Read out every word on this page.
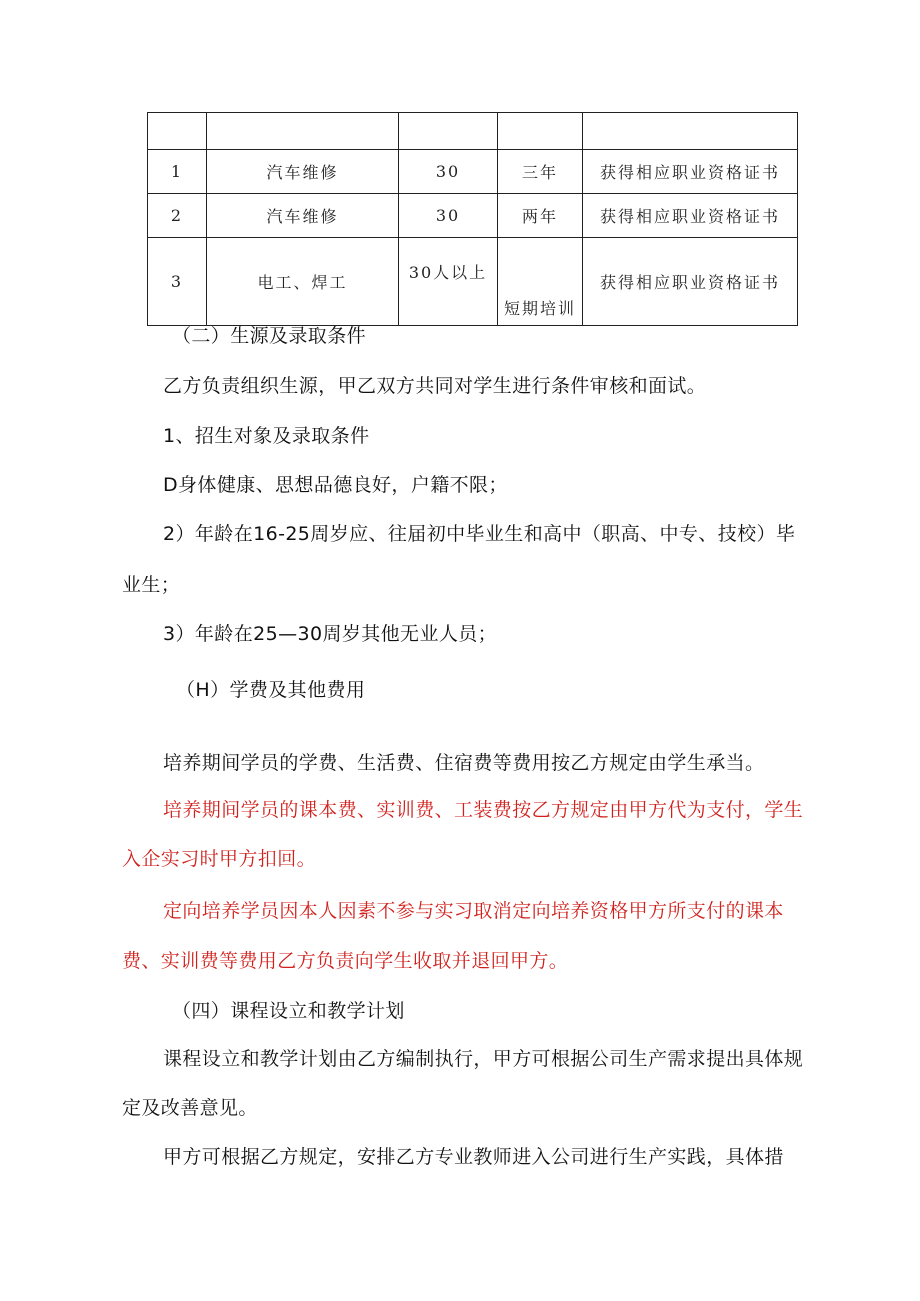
1	汽车维修	30	三年	获得相应职业资格证书
2	汽车维修	30	两年	获得相应职业资格证书
3	电工、焊工	30人以上	短期培训	获得相应职业资格证书

（二）生源及录取条件

乙方负责组织生源，甲乙双方共同对学生进行条件审核和面试。

1、招生对象及录取条件

D身体健康、思想品德良好，户籍不限；

2）年龄在16-25周岁应、往届初中毕业生和高中（职高、中专、技校）毕

业生；

3）年龄在25—30周岁其他无业人员；

（H）学费及其他费用

培养期间学员的学费、生活费、住宿费等费用按乙方规定由学生承当。

培养期间学员的课本费、实训费、工装费按乙方规定由甲方代为支付，学生

入企实习时甲方扣回。

定向培养学员因本人因素不参与实习取消定向培养资格甲方所支付的课本

费、实训费等费用乙方负责向学生收取并退回甲方。

（四）课程设立和教学计划

课程设立和教学计划由乙方编制执行，甲方可根据公司生产需求提出具体规

定及改善意见。

甲方可根据乙方规定，安排乙方专业教师进入公司进行生产实践，具体措
